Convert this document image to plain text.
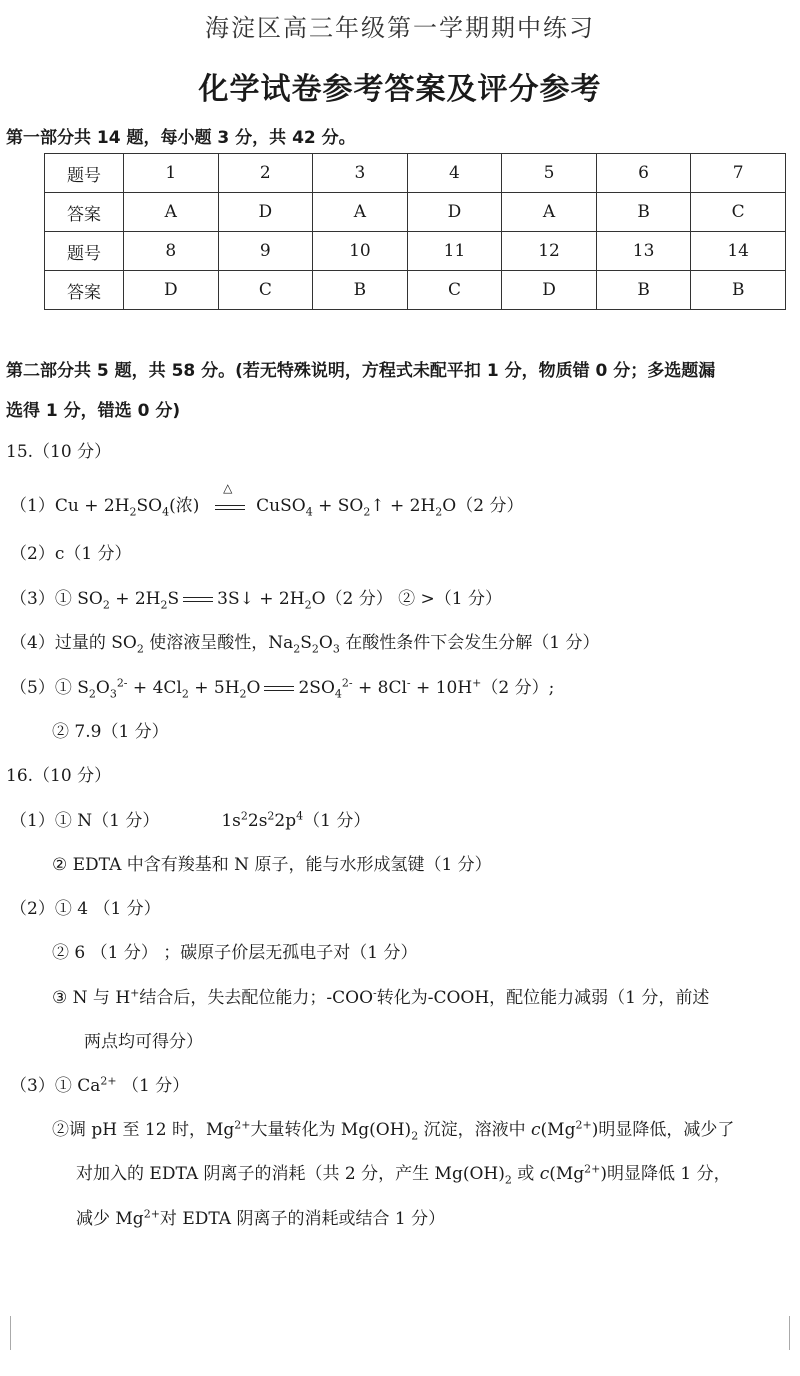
海淀区高三年级第一学期期中练习
化学试卷参考答案及评分参考
第一部分共 14 题，每小题 3 分，共 42 分。
题号	1	2	3	4	5	6	7
答案	A	D	A	D	A	B	C
题号	8	9	10	11	12	13	14
答案	D	C	B	C	D	B	B
第二部分共 5 题，共 58 分。(若无特殊说明，方程式未配平扣 1 分，物质错 0 分；多选题漏
选得 1 分，错选 0 分)
15.（10 分）
$(1)Cu + 2H_2SO_4$(浓)
△
CuSO$_4$ + $SO_2↑ + 2H_2O(2$ 分）
（2）c（1 分）
（3）① $SO_2 + 2H_2S$ 3S↓ + $2H_2O(2$ 分） ② >（1 分）
（4）过量的 $SO_2$ 使溶液呈酸性，$Na_2S_2O_3$ 在酸性条件下会发生分解（1 分）
（5）① $S_2O_3^{2-} + 4Cl_2 + 5H_2O$ $2SO_4^{2-} + 8Cl^- + 10H^+(2$ 分）;
② 7.9（1 分）
16.（10 分）
（1）① N（1 分）	$1s^22s^22p^4(1$ 分）
② EDTA 中含有羧基和 N 原子，能与水形成氢键（1 分）
（2）① 4 （1 分）
② 6 （1 分） ；碳原子价层无孤电子对（1 分）
③ N 与 H+结合后，失去配位能力；-COO-转化为-COOH，配位能力减弱（1 分，前述
两点均可得分）
（3）① $Ca^{2+}$ （1 分）
②调 pH 至 12 时，$Mg^{2+}$大量转化为 $Mg(OH)_2$ 沉淀，溶液中 $c(Mg^{2+})$明显降低，减少了
对加入的 EDTA 阴离子的消耗（共 2 分，产生 $Mg(OH)_2$ 或 $c(Mg^{2+})$明显降低 1 分，
减少 $Mg^{2+}$对 EDTA 阴离子的消耗或结合 1 分）
